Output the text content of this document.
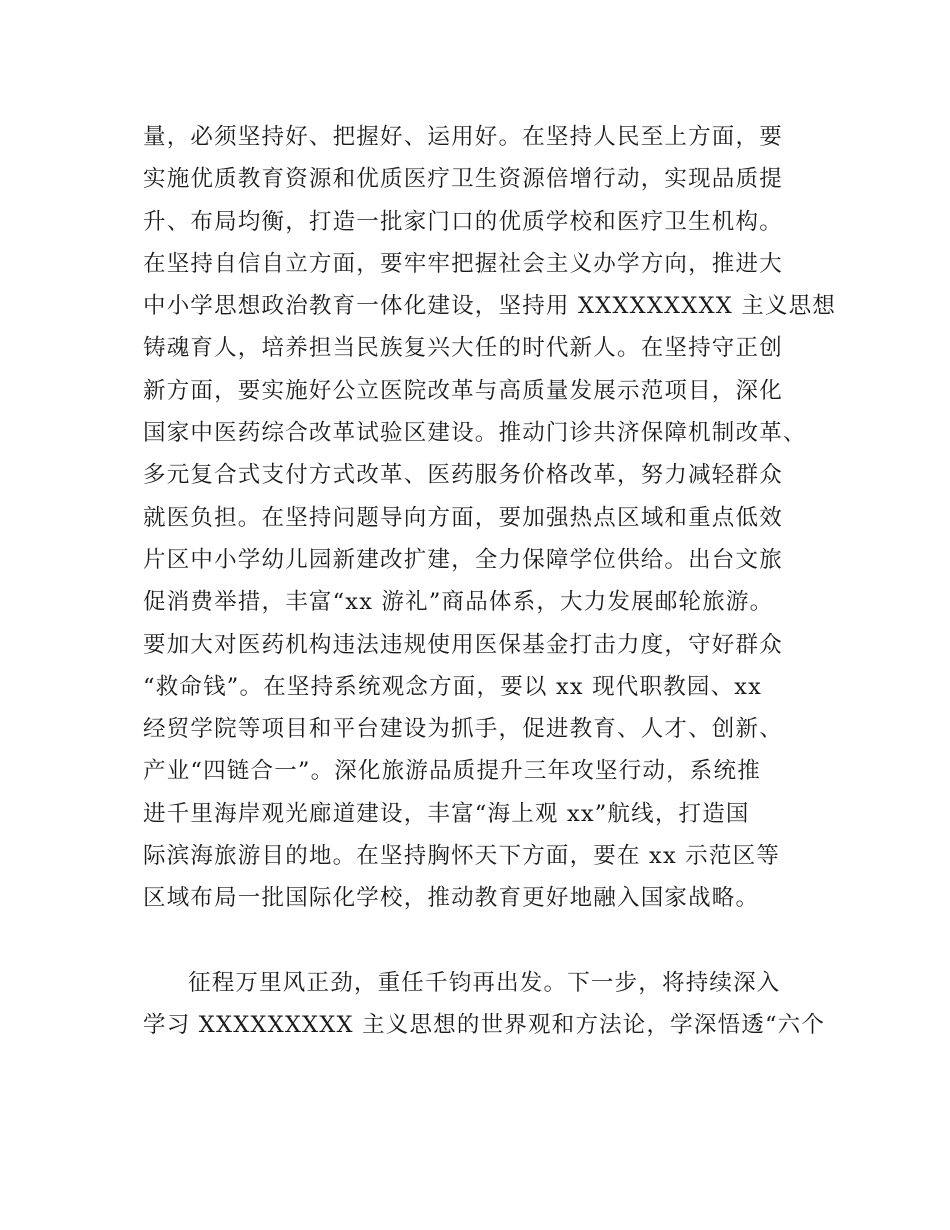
量，必须坚持好、把握好、运用好。在坚持人民至上方面，要
实施优质教育资源和优质医疗卫生资源倍增行动，实现品质提
升、布局均衡，打造一批家门口的优质学校和医疗卫生机构。
在坚持自信自立方面，要牢牢把握社会主义办学方向，推进大
中小学思想政治教育一体化建设，坚持用 XXXXXXXXX 主义思想
铸魂育人，培养担当民族复兴大任的时代新人。在坚持守正创
新方面，要实施好公立医院改革与高质量发展示范项目，深化
国家中医药综合改革试验区建设。推动门诊共济保障机制改革、
多元复合式支付方式改革、医药服务价格改革，努力减轻群众
就医负担。在坚持问题导向方面，要加强热点区域和重点低效
片区中小学幼儿园新建改扩建，全力保障学位供给。出台文旅
促消费举措，丰富“xx 游礼”商品体系，大力发展邮轮旅游。
要加大对医药机构违法违规使用医保基金打击力度，守好群众
“救命钱”。在坚持系统观念方面，要以 xx 现代职教园、xx
经贸学院等项目和平台建设为抓手，促进教育、人才、创新、
产业“四链合一”。深化旅游品质提升三年攻坚行动，系统推
进千里海岸观光廊道建设，丰富“海上观 xx”航线，打造国
际滨海旅游目的地。在坚持胸怀天下方面，要在 xx 示范区等
区域布局一批国际化学校，推动教育更好地融入国家战略。
征程万里风正劲，重任千钧再出发。下一步，将持续深入
学习 XXXXXXXXX 主义思想的世界观和方法论，学深悟透“六个
